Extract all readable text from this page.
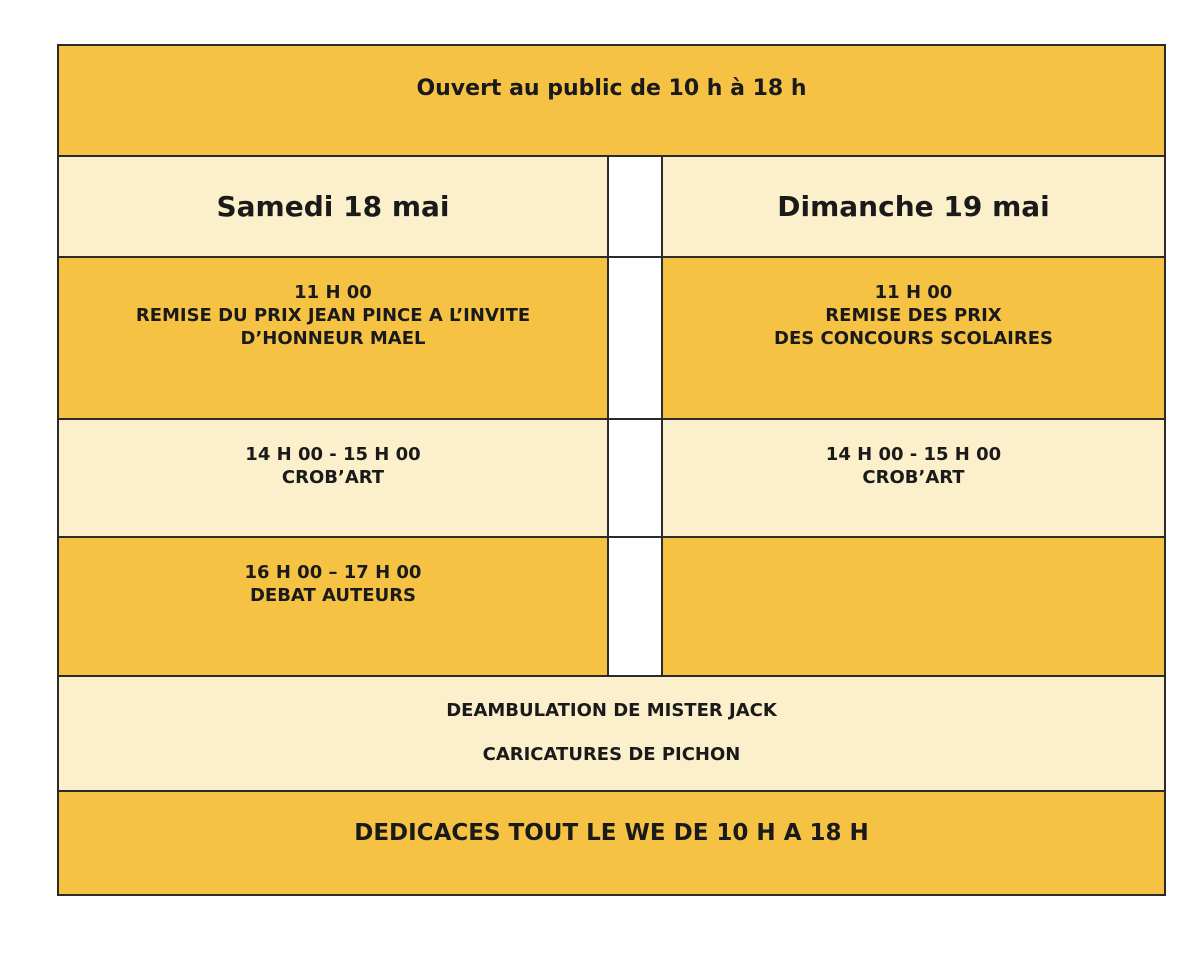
Ouvert au public de 10 h à 18 h
Samedi 18 mai	Dimanche 19 mai
11 H 00
REMISE DU PRIX JEAN PINCE A L’INVITE
D’HONNEUR MAEL
11 H 00
REMISE DES PRIX
DES CONCOURS SCOLAIRES
14 H 00 - 15 H 00
CROB’ART
14 H 00 - 15 H 00
CROB’ART
16 H 00 – 17 H 00
DEBAT AUTEURS
DEAMBULATION DE MISTER JACK
CARICATURES DE PICHON
DEDICACES TOUT LE WE DE 10 H A 18 H
